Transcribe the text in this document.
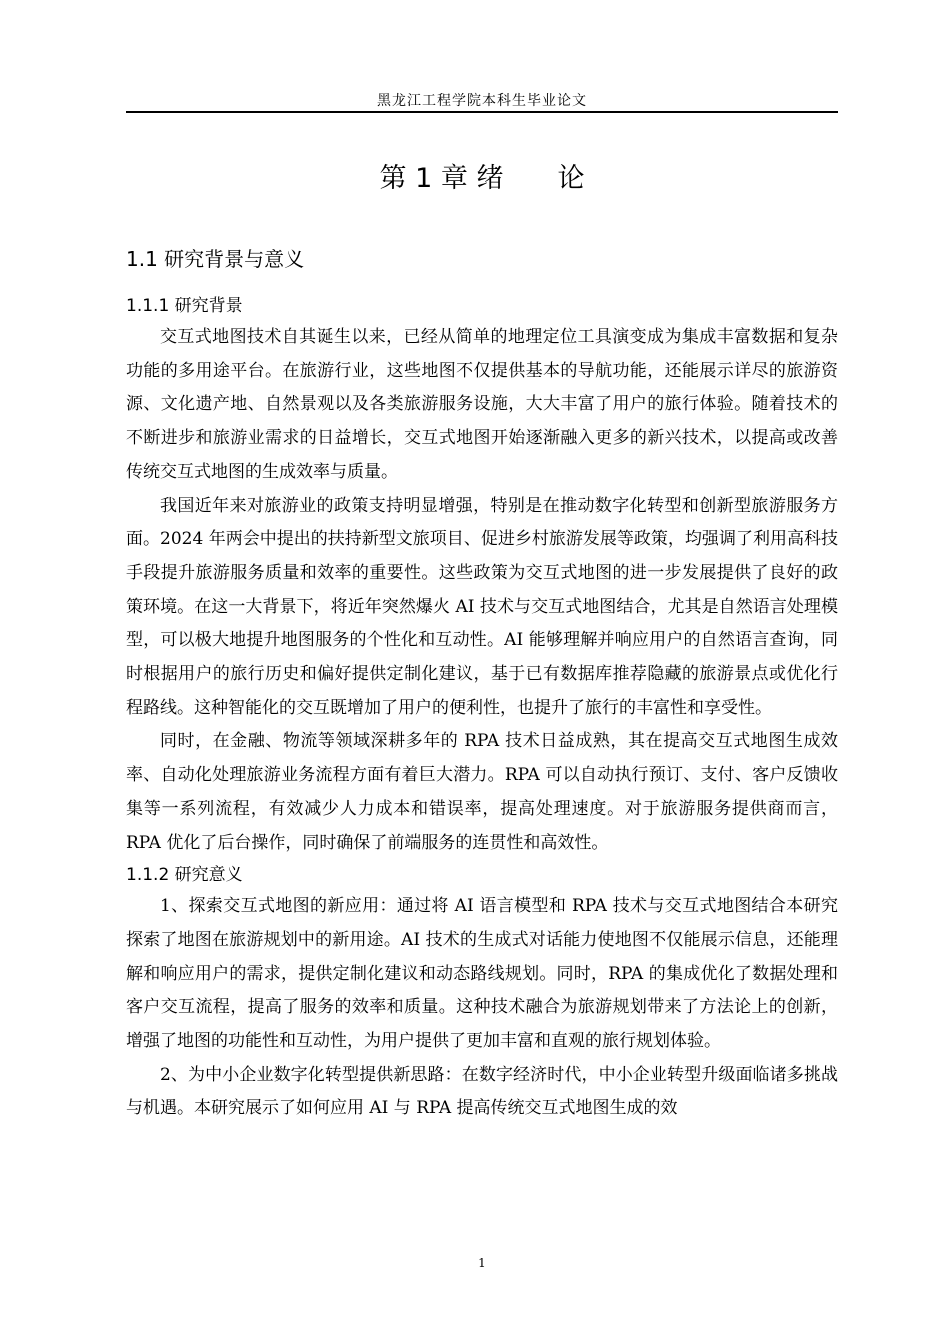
黑龙江工程学院本科生毕业论文
第 1 章 绪　　论
1.1 研究背景与意义
1.1.1 研究背景

交互式地图技术自其诞生以来，已经从简单的地理定位工具演变成为集成丰富数据和复杂功能的多用途平台。在旅游行业，这些地图不仅提供基本的导航功能，还能展示详尽的旅游资源、文化遗产地、自然景观以及各类旅游服务设施，大大丰富了用户的旅行体验。随着技术的不断进步和旅游业需求的日益增长，交互式地图开始逐渐融入更多的新兴技术，以提高或改善传统交互式地图的生成效率与质量。

我国近年来对旅游业的政策支持明显增强，特别是在推动数字化转型和创新型旅游服务方面。2024 年两会中提出的扶持新型文旅项目、促进乡村旅游发展等政策，均强调了利用高科技手段提升旅游服务质量和效率的重要性。这些政策为交互式地图的进一步发展提供了良好的政策环境。在这一大背景下，将近年突然爆火 AI 技术与交互式地图结合，尤其是自然语言处理模型，可以极大地提升地图服务的个性化和互动性。AI 能够理解并响应用户的自然语言查询，同时根据用户的旅行历史和偏好提供定制化建议，基于已有数据库推荐隐藏的旅游景点或优化行程路线。这种智能化的交互既增加了用户的便利性，也提升了旅行的丰富性和享受性。

同时，在金融、物流等领域深耕多年的 RPA 技术日益成熟，其在提高交互式地图生成效率、自动化处理旅游业务流程方面有着巨大潜力。RPA 可以自动执行预订、支付、客户反馈收集等一系列流程，有效减少人力成本和错误率，提高处理速度。对于旅游服务提供商而言，RPA 优化了后台操作，同时确保了前端服务的连贯性和高效性。

1.1.2 研究意义

1、探索交互式地图的新应用：通过将 AI 语言模型和 RPA 技术与交互式地图结合本研究探索了地图在旅游规划中的新用途。AI 技术的生成式对话能力使地图不仅能展示信息，还能理解和响应用户的需求，提供定制化建议和动态路线规划。同时，RPA 的集成优化了数据处理和客户交互流程，提高了服务的效率和质量。这种技术融合为旅游规划带来了方法论上的创新，增强了地图的功能性和互动性，为用户提供了更加丰富和直观的旅行规划体验。

2、为中小企业数字化转型提供新思路：在数字经济时代，中小企业转型升级面临诸多挑战与机遇。本研究展示了如何应用 AI 与 RPA 提高传统交互式地图生成的效

1
